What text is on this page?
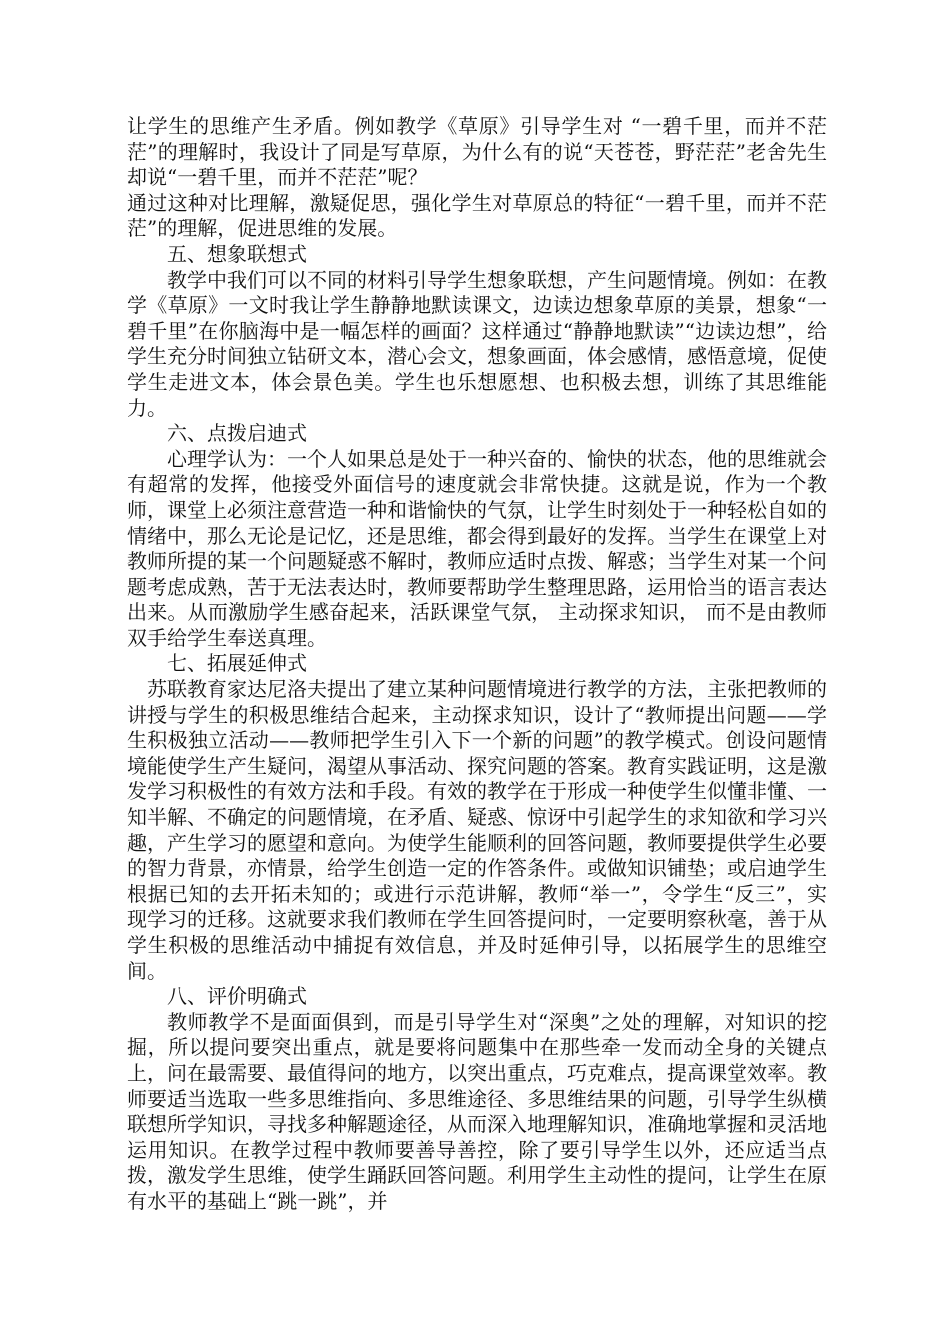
让学生的思维产生矛盾。例如教学《草原》引导学生对 “一碧千里，而并不茫茫”的理解时，我设计了同是写草原，为什么有的说“天苍苍，野茫茫”老舍先生却说“一碧千里，而并不茫茫”呢？

通过这种对比理解，激疑促思，强化学生对草原总的特征“一碧千里，而并不茫茫”的理解，促进思维的发展。

五、想象联想式

教学中我们可以不同的材料引导学生想象联想，产生问题情境。例如：在教学《草原》一文时我让学生静静地默读课文，边读边想象草原的美景，想象“一碧千里”在你脑海中是一幅怎样的画面？这样通过“静静地默读”“边读边想”，给学生充分时间独立钻研文本，潜心会文，想象画面，体会感情，感悟意境，促使学生走进文本，体会景色美。学生也乐想愿想、也积极去想，训练了其思维能力。

六、点拨启迪式

心理学认为：一个人如果总是处于一种兴奋的、愉快的状态，他的思维就会有超常的发挥，他接受外面信号的速度就会非常快捷。这就是说，作为一个教师，课堂上必须注意营造一种和谐愉快的气氛，让学生时刻处于一种轻松自如的情绪中，那么无论是记忆，还是思维，都会得到最好的发挥。当学生在课堂上对教师所提的某一个问题疑惑不解时，教师应适时点拨、解惑；当学生对某一个问题考虑成熟，苦于无法表达时，教师要帮助学生整理思路，运用恰当的语言表达出来。从而激励学生感奋起来，活跃课堂气氛， 主动探求知识， 而不是由教师双手给学生奉送真理。

七、拓展延伸式

苏联教育家达尼洛夫提出了建立某种问题情境进行教学的方法，主张把教师的讲授与学生的积极思维结合起来，主动探求知识，设计了“教师提出问题——学生积极独立活动——教师把学生引入下一个新的问题”的教学模式。创设问题情境能使学生产生疑问，渴望从事活动、探究问题的答案。教育实践证明，这是激发学习积极性的有效方法和手段。有效的教学在于形成一种使学生似懂非懂、一知半解、不确定的问题情境，在矛盾、疑惑、惊讶中引起学生的求知欲和学习兴趣，产生学习的愿望和意向。为使学生能顺利的回答问题，教师要提供学生必要的智力背景，亦情景，给学生创造一定的作答条件。或做知识铺垫；或启迪学生根据已知的去开拓未知的；或进行示范讲解，教师“举一”，令学生“反三”，实现学习的迁移。这就要求我们教师在学生回答提问时，一定要明察秋毫，善于从学生积极的思维活动中捕捉有效信息，并及时延伸引导，以拓展学生的思维空间。

八、评价明确式

教师教学不是面面俱到，而是引导学生对“深奥”之处的理解，对知识的挖掘，所以提问要突出重点，就是要将问题集中在那些牵一发而动全身的关键点上，问在最需要、最值得问的地方，以突出重点，巧克难点，提高课堂效率。教师要适当选取一些多思维指向、多思维途径、多思维结果的问题，引导学生纵横联想所学知识，寻找多种解题途径，从而深入地理解知识，准确地掌握和灵活地运用知识。在教学过程中教师要善导善控，除了要引导学生以外，还应适当点拨，激发学生思维，使学生踊跃回答问题。利用学生主动性的提问，让学生在原有水平的基础上“跳一跳”，并
